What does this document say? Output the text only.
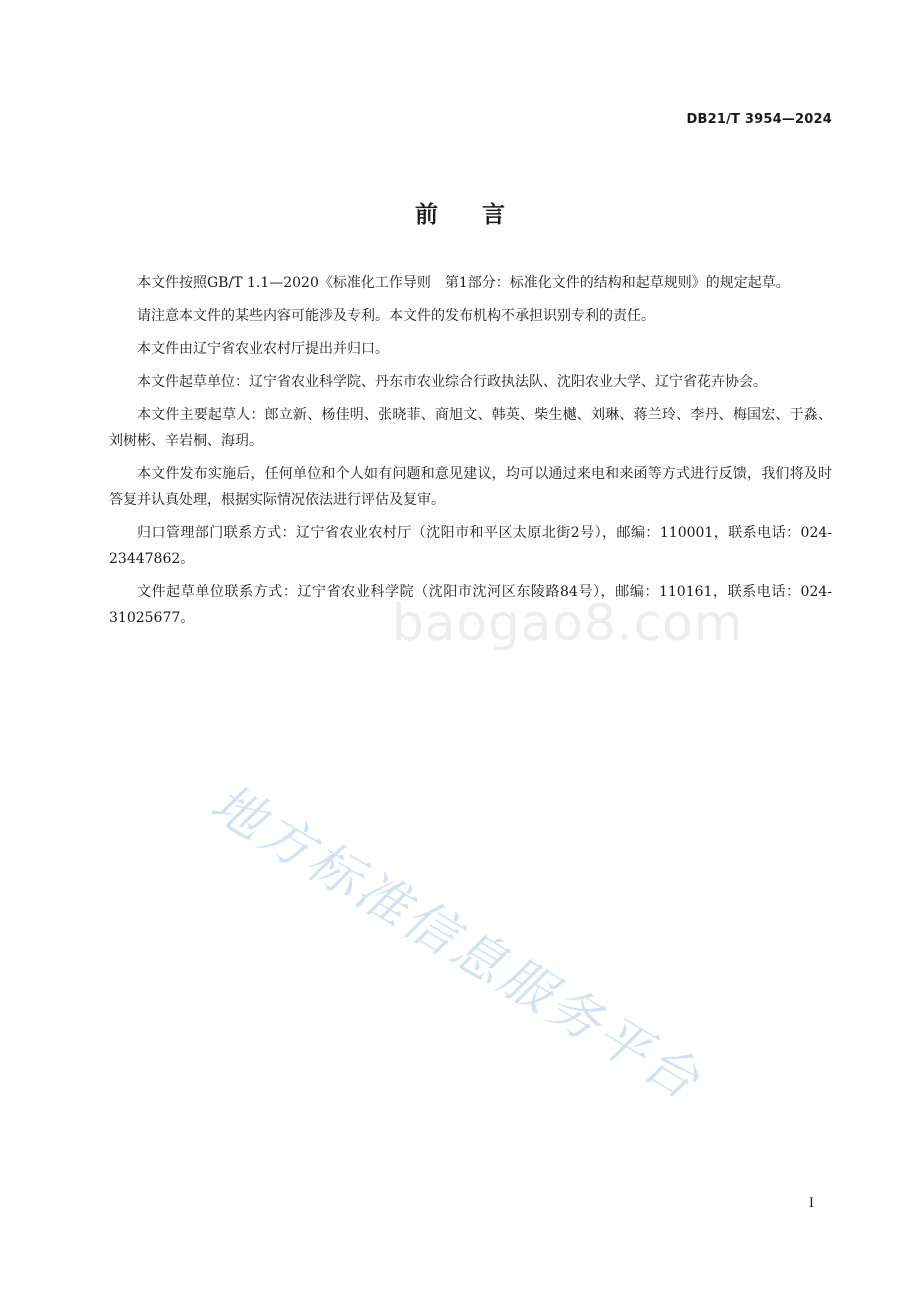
DB21/T 3954—2024
前言

本文件按照GB/T 1.1—2020《标准化工作导则　第1部分：标准化文件的结构和起草规则》的规定起草。

请注意本文件的某些内容可能涉及专利。本文件的发布机构不承担识别专利的责任。

本文件由辽宁省农业农村厅提出并归口。

本文件起草单位：辽宁省农业科学院、丹东市农业综合行政执法队、沈阳农业大学、辽宁省花卉协会。

本文件主要起草人：郎立新、杨佳明、张晓菲、商旭文、韩英、柴生樾、刘琳、蒋兰玲、李丹、梅国宏、于淼、刘树彬、辛岩桐、海玥。

本文件发布实施后，任何单位和个人如有问题和意见建议，均可以通过来电和来函等方式进行反馈，我们将及时答复并认真处理，根据实际情况依法进行评估及复审。

归口管理部门联系方式：辽宁省农业农村厅（沈阳市和平区太原北街2号），邮编：110001，联系电话：024-23447862。

文件起草单位联系方式：辽宁省农业科学院（沈阳市沈河区东陵路84号），邮编：110161，联系电话：024-31025677。	baogao8.com
地方标准信息服务平台
I
